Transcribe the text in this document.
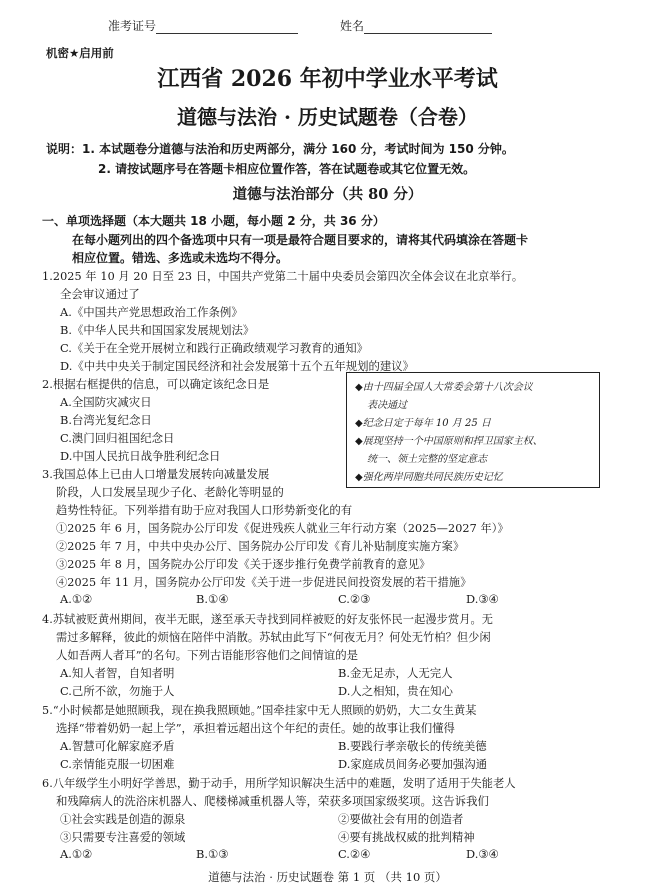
准考证号	姓名
机密★启用前
江西省 2026 年初中学业水平考试
道德与法治 · 历史试题卷（合卷）
说明：1. 本试题卷分道德与法治和历史两部分，满分 160 分，考试时间为 150 分钟。
2. 请按试题序号在答题卡相应位置作答，答在试题卷或其它位置无效。
道德与法治部分（共 80 分）
一、单项选择题（本大题共 18 小题，每小题 2 分，共 36 分）
在每小题列出的四个备选项中只有一项是最符合题目要求的，请将其代码填涂在答题卡
相应位置。错选、多选或未选均不得分。
1.2025 年 10 月 20 日至 23 日，中国共产党第二十届中央委员会第四次全体会议在北京举行。
全会审议通过了
A.《中国共产党思想政治工作条例》
B.《中华人民共和国国家发展规划法》
C.《关于在全党开展树立和践行正确政绩观学习教育的通知》
D.《中共中央关于制定国民经济和社会发展第十五个五年规划的建议》
2.根据右框提供的信息，可以确定该纪念日是
A.全国防灾减灾日
B.台湾光复纪念日
C.澳门回归祖国纪念日
D.中国人民抗日战争胜利纪念日
◆由十四届全国人大常委会第十八次会议
表决通过
◆纪念日定于每年 10 月 25 日
◆展现坚持一个中国原则和捍卫国家主权、
统一、领土完整的坚定意志
◆强化两岸同胞共同民族历史记忆
3.我国总体上已由人口增量发展转向减量发展
阶段，人口发展呈现少子化、老龄化等明显的
趋势性特征。下列举措有助于应对我国人口形势新变化的有
①2025 年 6 月，国务院办公厅印发《促进残疾人就业三年行动方案（2025—2027 年）》
②2025 年 7 月，中共中央办公厅、国务院办公厅印发《育儿补贴制度实施方案》
③2025 年 8 月，国务院办公厅印发《关于逐步推行免费学前教育的意见》
④2025 年 11 月，国务院办公厅印发《关于进一步促进民间投资发展的若干措施》
A.①②	B.①④	C.②③	D.③④
4.苏轼被贬黄州期间，夜半无眠，遂至承天寺找到同样被贬的好友张怀民一起漫步赏月。无
需过多解释，彼此的烦恼在陪伴中消散。苏轼由此写下“何夜无月？何处无竹柏？但少闲
人如吾两人者耳”的名句。下列古语能形容他们之间情谊的是
A.知人者智，自知者明	B.金无足赤，人无完人
C.己所不欲，勿施于人	D.人之相知，贵在知心
5.“小时候都是她照顾我，现在换我照顾她。”国牵挂家中无人照顾的奶奶，大二女生黄某
选择“带着奶奶一起上学”，承担着远超出这个年纪的责任。她的故事让我们懂得
A.智慧可化解家庭矛盾	B.要践行孝亲敬长的传统美德
C.亲情能克服一切困难	D.家庭成员间务必要加强沟通
6.八年级学生小明好学善思，勤于动手，用所学知识解决生活中的难题，发明了适用于失能老人
和残障病人的洗浴床机器人、爬楼梯减重机器人等，荣获多项国家级奖项。这告诉我们
①社会实践是创造的源泉	②要做社会有用的创造者
③只需要专注喜爱的领域	④要有挑战权威的批判精神
A.①②	B.①③	C.②④	D.③④
道德与法治 · 历史试题卷 第 1 页 （共 10 页）
